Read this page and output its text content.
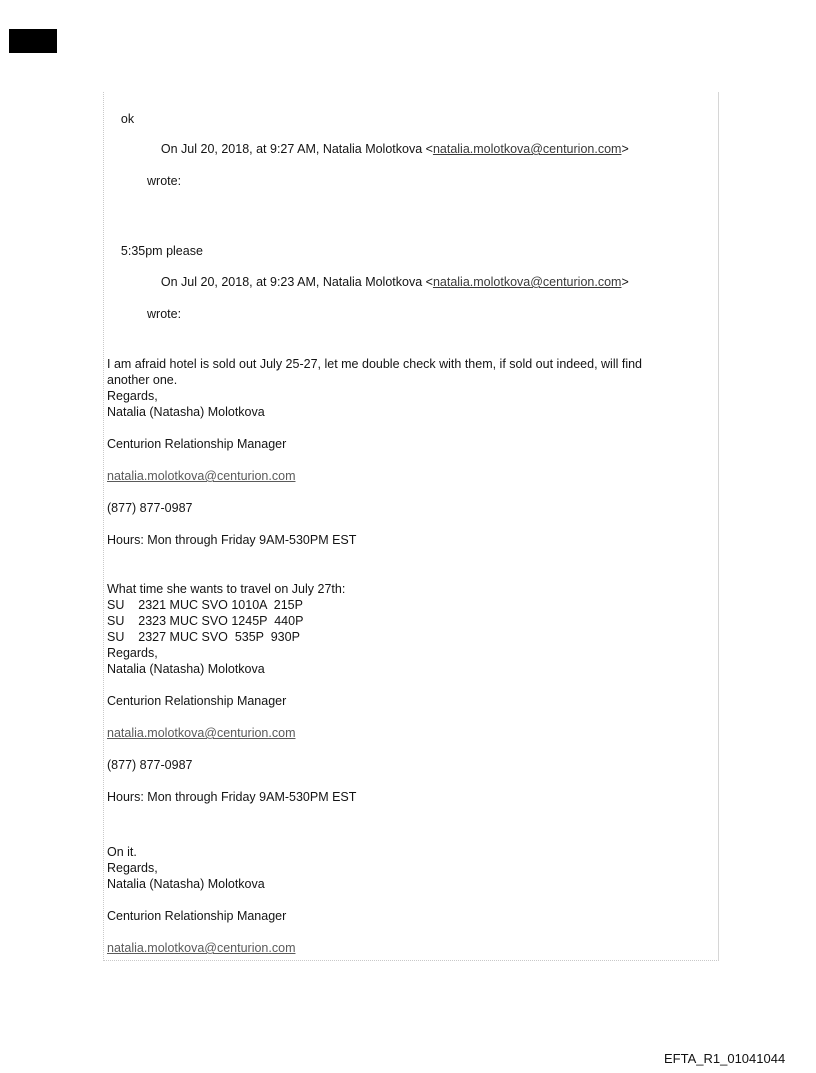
ok

On Jul 20, 2018, at 9:27 AM, Natalia Molotkova <natalia.molotkova@centurion.com>

wrote:

5:35pm please

On Jul 20, 2018, at 9:23 AM, Natalia Molotkova <natalia.molotkova@centurion.com>

wrote:

I am afraid hotel is sold out July 25-27, let me double check with them, if sold out indeed, will find
another one.
Regards,
Natalia (Natasha) Molotkova

Centurion Relationship Manager

natalia.molotkova@centurion.com

(877) 877-0987

Hours: Mon through Friday 9AM-530PM EST
What time she wants to travel on July 27th:
SU    2321 MUC SVO 1010A  215P
SU    2323 MUC SVO 1245P  440P
SU    2327 MUC SVO  535P  930P
Regards,
Natalia (Natasha) Molotkova

Centurion Relationship Manager

natalia.molotkova@centurion.com

(877) 877-0987

Hours: Mon through Friday 9AM-530PM EST
On it.
Regards,
Natalia (Natasha) Molotkova

Centurion Relationship Manager

natalia.molotkova@centurion.com
EFTA_R1_01041044
